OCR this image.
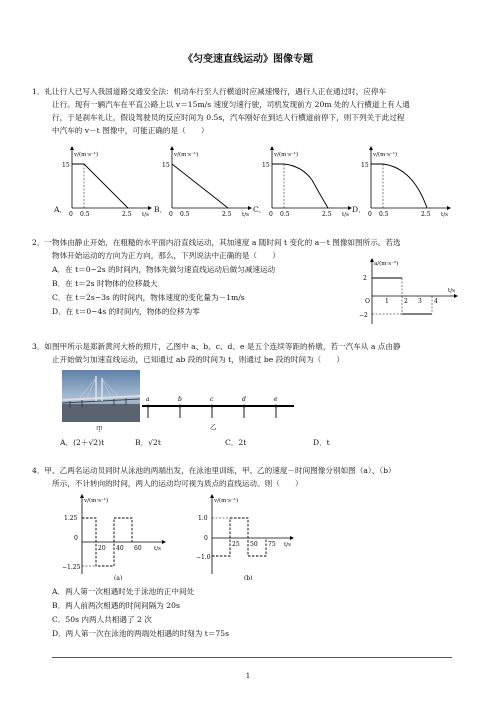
《匀变速直线运动》图像专题
1．礼让行人已写入我国道路交通安全法：机动车行至人行横道时应减速慢行，遇行人正在通过时，应停车
让行。现有一辆汽车在平直公路上以 v＝15m/s 速度匀速行驶，司机发现前方 20m 处的人行横道上有人通
行，于是刹车礼让，假设驾驶员的反应时间为 0.5s，汽车刚好在到达人行横道前停下，则下列关于此过程
中汽车的 v－t 图像中，可能正确的是（　　）
A．	B．	C．	D．
v/(m·s⁻¹)
15
0 0.5	2.5 t/s
v/(m·s⁻¹)
15
0 0.5	2.5 t/s
v/(m·s⁻¹)
15
0 0.5	2.5 t/s
v/(m·s⁻¹)
15
0 0.5	2.5 t/s
2．一物体由静止开始，在粗糙的水平面内沿直线运动，其加速度 a 随时间 t 变化的 a－t 图像如图所示。若选
物体开始运动的方向为正方向，那么，下列说法中正确的是（　　）
A．在 t＝0~2s 的时间内，物体先做匀速直线运动后做匀减速运动
B．在 t＝2s 时物体的位移最大
C．在 t＝2s~3s 的时间内，物体速度的变化量为－1m/s
D．在 t＝0~4s 的时间内，物体的位移为零
a/(m·s⁻²)
2
−2
O	1	2 3 4
t/s
3．如图甲所示是郑新黄河大桥的照片，乙图中 a、b、c、d、e 是五个连续等距的桥墩，若一汽车从 a 点由静
止开始做匀加速直线运动，已知通过 ab 段的时间为 t，则通过 be 段的时间为（　　）
甲
a	b	c	d	e
乙
A．(2＋√2)t	B．√2t	C．2t	D．t
4．甲、乙两名运动员同时从泳池的两端出发，在泳池里训练，甲、乙的速度－时间图像分别如图（a）、（b）
所示，不计转向的时间，两人的运动均可视为质点的直线运动。则（　　）
v/(m·s⁻¹)
1.25
0
−1.25
20 40 60 t/s
(a)
v/(m·s⁻¹)
1.0
0
−1.0
25 50 75 t/s
(b)
A．两人第一次相遇时处于泳池的正中间处
B．两人前两次相遇的时间间隔为 20s
C．50s 内两人共相遇了 2 次
D．两人第一次在泳池的两端处相遇的时刻为 t＝75s
1
